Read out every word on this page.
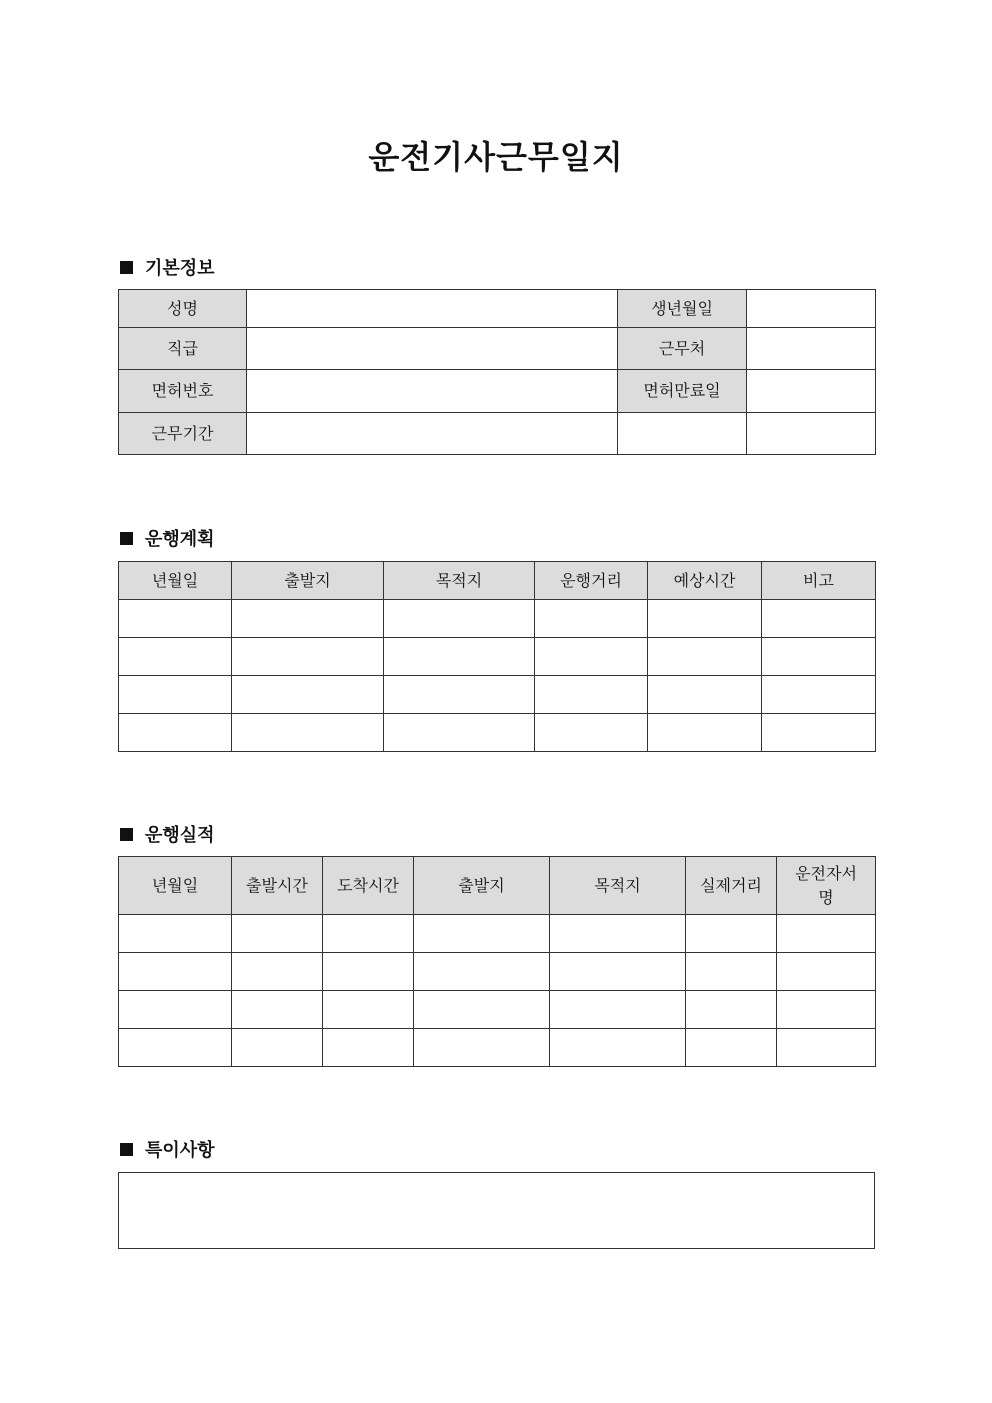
운전기사근무일지
기본정보
성명		생년월일	
직급		근무처	
면허번호		면허만료일	
근무기간			
운행계획
년월일	출발지	목적지	운행거리	예상시간	비고

운행실적
년월일	출발시간	도착시간	출발지	목적지	실제거리	운전자서명

특이사항
